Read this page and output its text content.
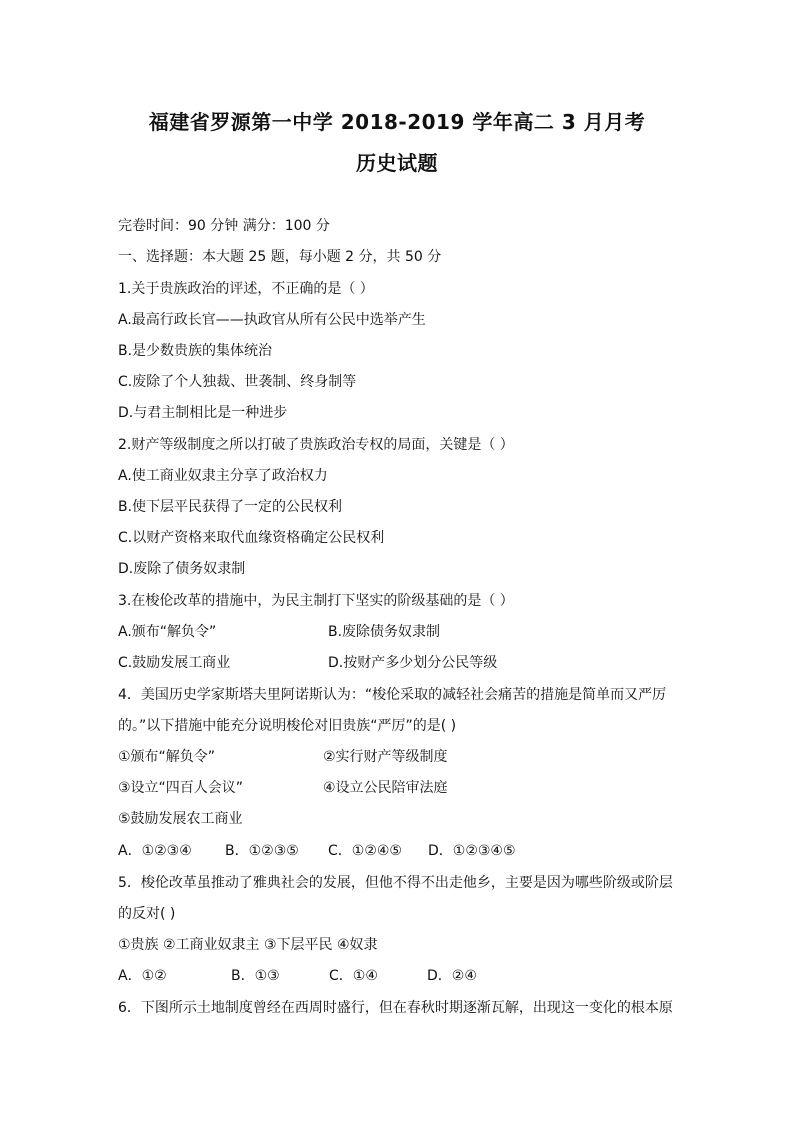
福建省罗源第一中学 2018-2019 学年高二 3 月月考
历史试题
完卷时间：90 分钟 满分：100 分
一、选择题：本大题 25 题，每小题 2 分，共 50 分
1.关于贵族政治的评述，不正确的是（ ）
A.最高行政长官——执政官从所有公民中选举产生
B.是少数贵族的集体统治
C.废除了个人独裁、世袭制、终身制等
D.与君主制相比是一种进步
2.财产等级制度之所以打破了贵族政治专权的局面，关键是（ ）
A.使工商业奴隶主分享了政治权力
B.使下层平民获得了一定的公民权利
C.以财产资格来取代血缘资格确定公民权利
D.废除了债务奴隶制
3.在梭伦改革的措施中，为民主制打下坚实的阶级基础的是（ ）
A.颁布“解负令”	B.废除债务奴隶制
C.鼓励发展工商业	D.按财产多少划分公民等级
4．美国历史学家斯塔夫里阿诺斯认为：“梭伦采取的减轻社会痛苦的措施是简单而又严厉
的。”以下措施中能充分说明梭伦对旧贵族“严厉”的是( )
①颁布“解负令”	②实行财产等级制度
③设立“四百人会议”	④设立公民陪审法庭
⑤鼓励发展农工商业
A．①②③④ B．①②③⑤ C．①②④⑤ D．①②③④⑤
5．梭伦改革虽推动了雅典社会的发展，但他不得不出走他乡，主要是因为哪些阶级或阶层
的反对( )
①贵族 ②工商业奴隶主 ③下层平民 ④奴隶
A．①②	B．①③	C．①④	D．②④
6．下图所示土地制度曾经在西周时盛行，但在春秋时期逐渐瓦解，出现这一变化的根本原
